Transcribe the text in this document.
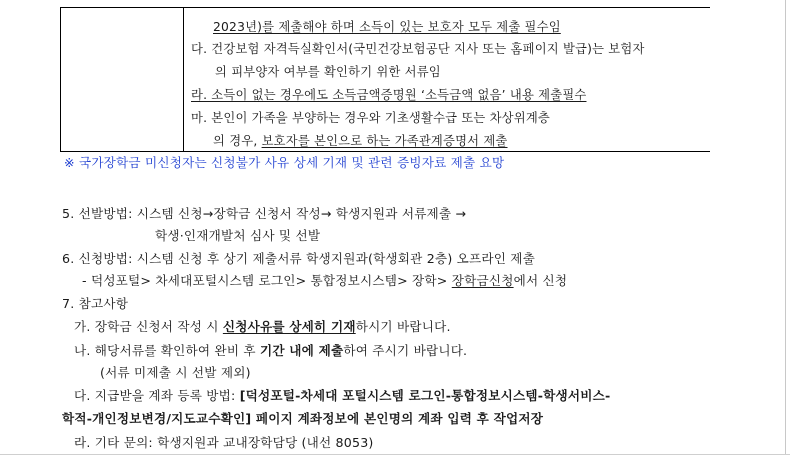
2023년)를 제출해야 하며 소득이 있는 보호자 모두 제출 필수임
다. 건강보험 자격득실확인서(국민건강보험공단 지사 또는 홈페이지 발급)는 보험자
의 피부양자 여부를 확인하기 위한 서류임
라. 소득이 없는 경우에도 소득금액증명원 ‘소득금액 없음’ 내용 제출필수
마. 본인이 가족을 부양하는 경우와 기초생활수급 또는 차상위계층
의 경우, 보호자를 본인으로 하는 가족관계증명서 제출
※ 국가장학금 미신청자는 신청불가 사유 상세 기재 및 관련 증빙자료 제출 요망
5. 선발방법: 시스템 신청→장학금 신청서 작성→ 학생지원과 서류제출 →
학생·인재개발처 심사 및 선발
6. 신청방법: 시스템 신청 후 상기 제출서류 학생지원과(학생회관 2층) 오프라인 제출
- 덕성포털> 차세대포털시스템 로그인> 통합정보시스템> 장학> 장학금신청에서 신청
7. 참고사항
가. 장학금 신청서 작성 시 신청사유를 상세히 기재하시기 바랍니다.
나. 해당서류를 확인하여 완비 후 기간 내에 제출하여 주시기 바랍니다.
(서류 미제출 시 선발 제외)
다. 지급받을 계좌 등록 방법: [덕성포털-차세대 포털시스템 로그인-통합정보시스템-학생서비스-
학적-개인정보변경/지도교수확인] 페이지 계좌정보에 본인명의 계좌 입력 후 작업저장
라. 기타 문의: 학생지원과 교내장학담당 (내선 8053)
